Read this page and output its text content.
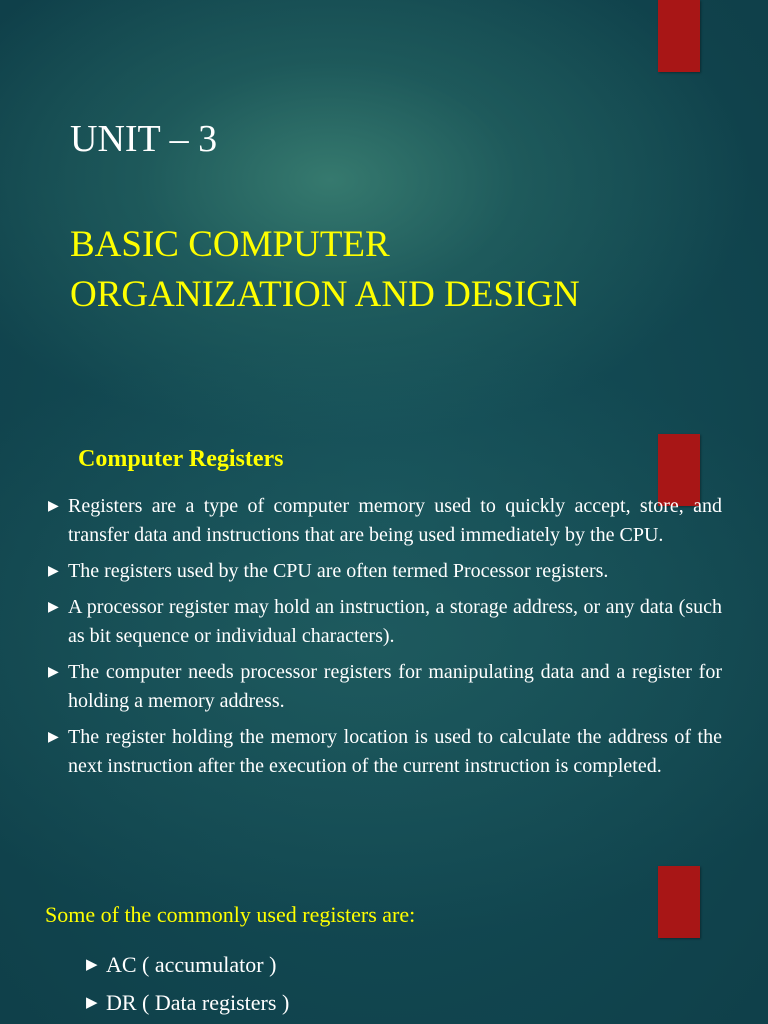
UNIT – 3
BASIC COMPUTER
ORGANIZATION AND DESIGN
Computer Registers
▶ Registers are a type of computer memory used to quickly accept, store, and transfer data and instructions that are being used immediately by the CPU.
▶ The registers used by the CPU are often termed Processor registers.
▶ A processor register may hold an instruction, a storage address, or any data (such as bit sequence or individual characters).
▶ The computer needs processor registers for manipulating data and a register for holding a memory address.
▶ The register holding the memory location is used to calculate the address of the next instruction after the execution of the current instruction is completed.
Some of the commonly used registers are:
▶ AC ( accumulator )
▶ DR ( Data registers )
